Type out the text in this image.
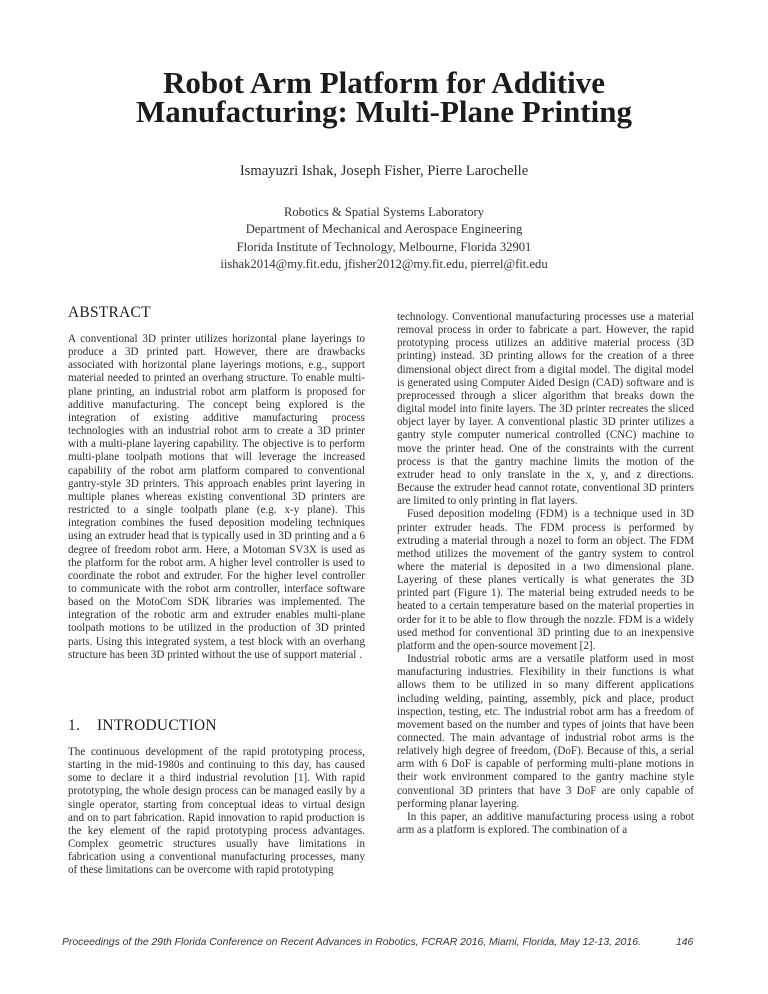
Robot Arm Platform for Additive
Manufacturing: Multi-Plane Printing
Ismayuzri Ishak, Joseph Fisher, Pierre Larochelle
Robotics & Spatial Systems Laboratory
Department of Mechanical and Aerospace Engineering
Florida Institute of Technology, Melbourne, Florida 32901
iishak2014@my.fit.edu, jfisher2012@my.fit.edu, pierrel@fit.edu
ABSTRACT

A conventional 3D printer utilizes horizontal plane layerings to produce a 3D printed part. However, there are drawbacks associated with horizontal plane layerings motions, e.g., support material needed to printed an overhang structure. To enable multi-plane printing, an industrial robot arm platform is proposed for additive manufacturing. The concept being explored is the integration of existing additive manufacturing process technologies with an industrial robot arm to create a 3D printer with a multi-plane layering capability. The objective is to perform multi-plane toolpath motions that will leverage the increased capability of the robot arm platform compared to conventional gantry-style 3D printers. This approach enables print layering in multiple planes whereas existing conventional 3D printers are restricted to a single toolpath plane (e.g. x-y plane). This integration combines the fused deposition modeling techniques using an extruder head that is typically used in 3D printing and a 6 degree of freedom robot arm. Here, a Motoman SV3X is used as the platform for the robot arm. A higher level controller is used to coordinate the robot and extruder. For the higher level controller to communicate with the robot arm controller, interface software based on the MotoCom SDK libraries was implemented. The integration of the robotic arm and extruder enables multi-plane toolpath motions to be utilized in the production of 3D printed parts. Using this integrated system, a test block with an overhang structure has been 3D printed without the use of support material .

1. INTRODUCTION

The continuous development of the rapid prototyping process, starting in the mid-1980s and continuing to this day, has caused some to declare it a third industrial revolution [1]. With rapid prototyping, the whole design process can be managed easily by a single operator, starting from conceptual ideas to virtual design and on to part fabrication. Rapid innovation to rapid production is the key element of the rapid prototyping process advantages. Complex geometric structures usually have limitations in fabrication using a conventional manufacturing processes, many of these limitations can be overcome with rapid prototyping

technology. Conventional manufacturing processes use a material removal process in order to fabricate a part. However, the rapid prototyping process utilizes an additive material process (3D printing) instead. 3D printing allows for the creation of a three dimensional object direct from a digital model. The digital model is generated using Computer Aided Design (CAD) software and is preprocessed through a slicer algorithm that breaks down the digital model into finite layers. The 3D printer recreates the sliced object layer by layer. A conventional plastic 3D printer utilizes a gantry style computer numerical controlled (CNC) machine to move the printer head. One of the constraints with the current process is that the gantry machine limits the motion of the extruder head to only translate in the x, y, and z directions. Because the extruder head cannot rotate, conventional 3D printers are limited to only printing in flat layers.

Fused deposition modeling (FDM) is a technique used in 3D printer extruder heads. The FDM process is performed by extruding a material through a nozel to form an object. The FDM method utilizes the movement of the gantry system to control where the material is deposited in a two dimensional plane. Layering of these planes vertically is what generates the 3D printed part (Figure 1). The material being extruded needs to be heated to a certain temperature based on the material properties in order for it to be able to flow through the nozzle. FDM is a widely used method for conventional 3D printing due to an inexpensive platform and the open-source movement [2].

Industrial robotic arms are a versatile platform used in most manufacturing industries. Flexibility in their functions is what allows them to be utilized in so many different applications including welding, painting, assembly, pick and place, product inspection, testing, etc. The industrial robot arm has a freedom of movement based on the number and types of joints that have been connected. The main advantage of industrial robot arms is the relatively high degree of freedom, (DoF). Because of this, a serial arm with 6 DoF is capable of performing multi-plane motions in their work environment compared to the gantry machine style conventional 3D printers that have 3 DoF are only capable of performing planar layering.

In this paper, an additive manufacturing process using a robot arm as a platform is explored. The combination of a

Proceedings of the 29th Florida Conference on Recent Advances in Robotics, FCRAR 2016, Miami, Florida, May 12-13, 2016.	146
